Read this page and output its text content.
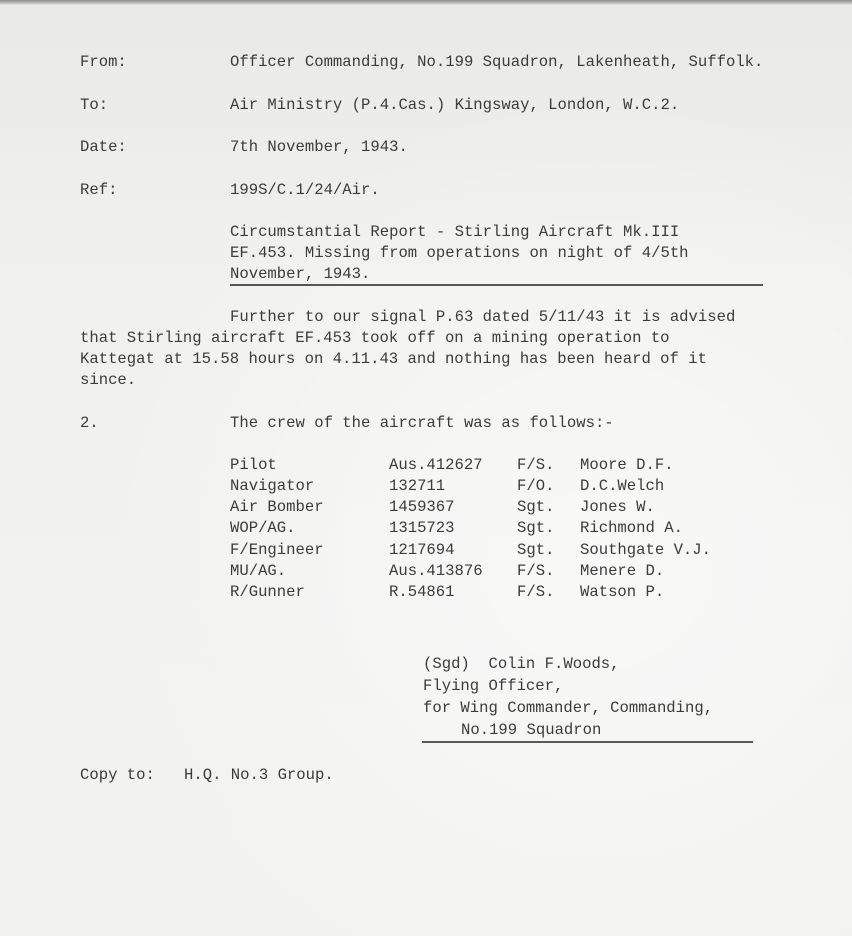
From:	Officer Commanding, No.199 Squadron, Lakenheath, Suffolk.
To:	Air Ministry (P.4.Cas.) Kingsway, London, W.C.2.
Date:	7th November, 1943.
Ref:	199S/C.1/24/Air.
Circumstantial Report - Stirling Aircraft Mk.III
EF.453. Missing from operations on night of 4/5th
November, 1943.
Further to our signal P.63 dated 5/11/43 it is advised
that Stirling aircraft EF.453 took off on a mining operation to
Kattegat at 15.58 hours on 4.11.43 and nothing has been heard of it
since.
2.	The crew of the aircraft was as follows:-
Pilot	Aus.412627 F/S. Moore D.F.
Navigator	132711	F/O. D.C.Welch
Air Bomber	1459367	Sgt. Jones W.
WOP/AG.	1315723	Sgt. Richmond A.
F/Engineer	1217694	Sgt. Southgate V.J.
MU/AG.	Aus.413876 F/S. Menere D.
R/Gunner	R.54861	F/S. Watson P.
(Sgd)  Colin F.Woods,
Flying Officer,
for Wing Commander, Commanding,
No.199 Squadron
Copy to: H.Q. No.3 Group.
